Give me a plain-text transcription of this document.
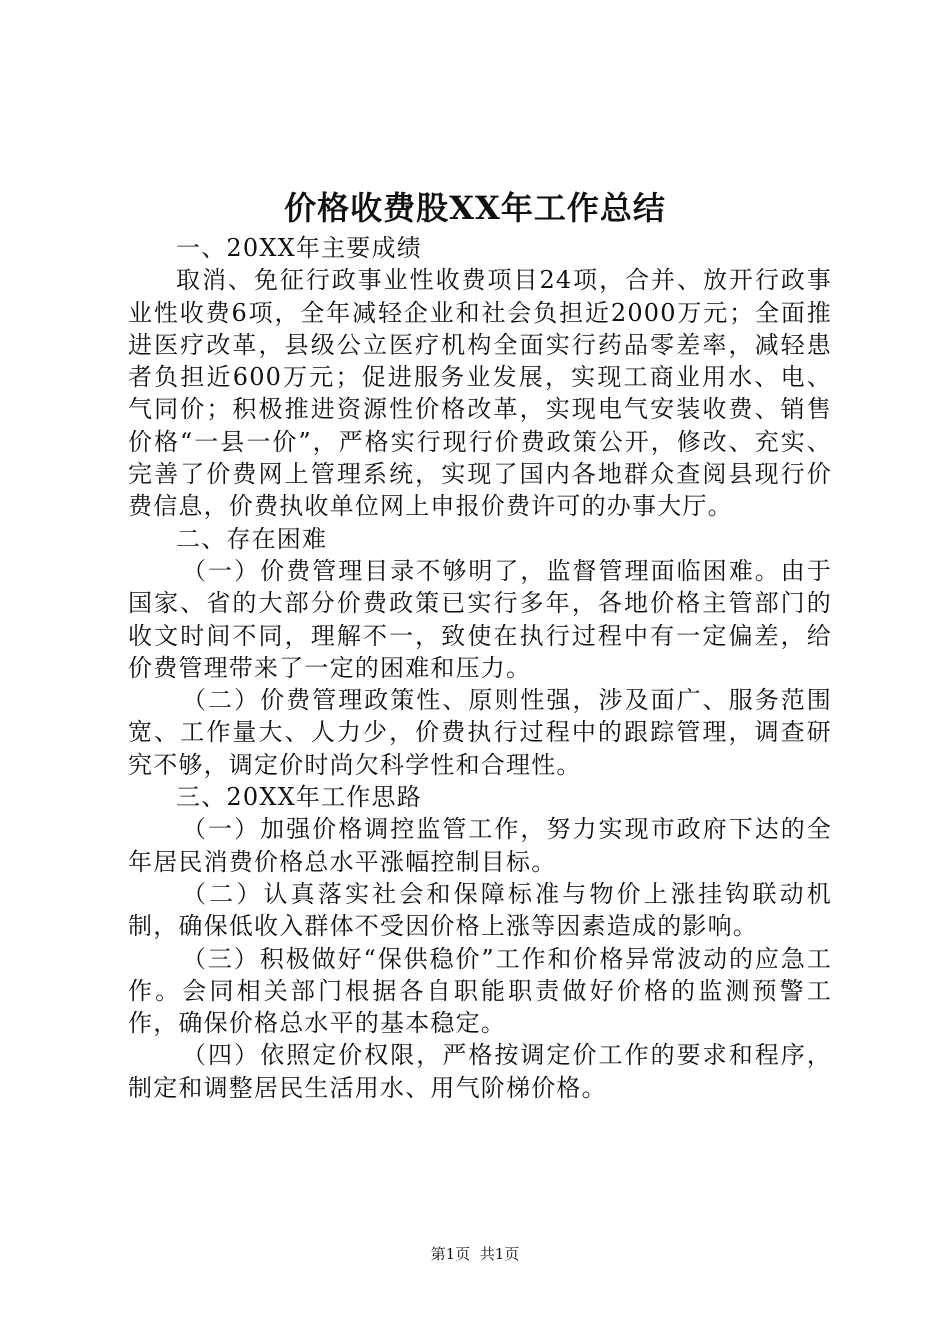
价格收费股XX年工作总结

一、20XX年主要成绩

取消、免征行政事业性收费项目24项，合并、放开行政事业性收费6项，全年减轻企业和社会负担近2000万元；全面推进医疗改革，县级公立医疗机构全面实行药品零差率，减轻患者负担近600万元；促进服务业发展，实现工商业用水、电、气同价；积极推进资源性价格改革，实现电气安装收费、销售价格“一县一价”，严格实行现行价费政策公开，修改、充实、完善了价费网上管理系统，实现了国内各地群众查阅县现行价费信息，价费执收单位网上申报价费许可的办事大厅。

二、存在困难

（一）价费管理目录不够明了，监督管理面临困难。由于国家、省的大部分价费政策已实行多年，各地价格主管部门的收文时间不同，理解不一，致使在执行过程中有一定偏差，给价费管理带来了一定的困难和压力。

（二）价费管理政策性、原则性强，涉及面广、服务范围宽、工作量大、人力少，价费执行过程中的跟踪管理，调查研究不够，调定价时尚欠科学性和合理性。

三、20XX年工作思路

（一）加强价格调控监管工作，努力实现市政府下达的全年居民消费价格总水平涨幅控制目标。

（二）认真落实社会和保障标准与物价上涨挂钩联动机制，确保低收入群体不受因价格上涨等因素造成的影响。

（三）积极做好“保供稳价”工作和价格异常波动的应急工作。会同相关部门根据各自职能职责做好价格的监测预警工作，确保价格总水平的基本稳定。

（四）依照定价权限，严格按调定价工作的要求和程序，制定和调整居民生活用水、用气阶梯价格。

第1页 共1页
